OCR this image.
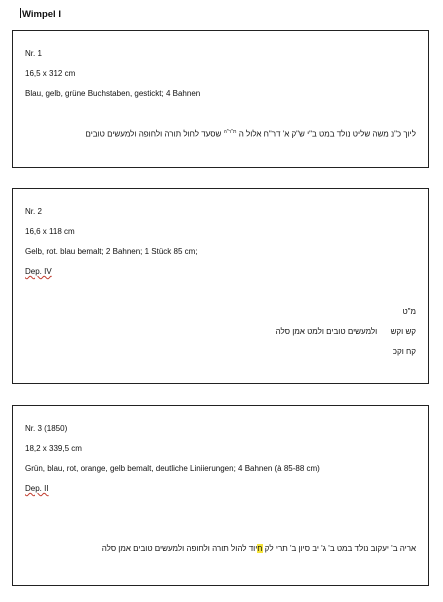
Wimpel I
Nr. 1
16,5 x 312 cm
Blau, gelb, grüne Buchstaben, gestickt; 4 Bahnen
ליוך כ"נ משה שליט נולד במט ב"י ש"ק א' דר"ח אלול ה $^{ת"ר"ה}$ שסעד לחול תורה ולחופה ולמעשים טובים
Nr. 2
16,6 x 118 cm
Gelb, rot. blau bemalt; 2 Bahnen; 1 Stück 85 cm;
Dep. IV
מ"ט
קש וקש      ולמעשים טובים ולמט אמן סלה
קח וקכ
Nr. 3 (1850)
18,2 x 339,5 cm
Grün, blau, rot, orange, gelb bemalt, deutliche Liniierungen; 4 Bahnen (à 85-88 cm)
Dep. II
אריה ב' יעקוב נולד במט ב' ג' יב סיון ב' תרי לק חיוד להול תורה ולחופה ולמעשים טובים אמן סלה
